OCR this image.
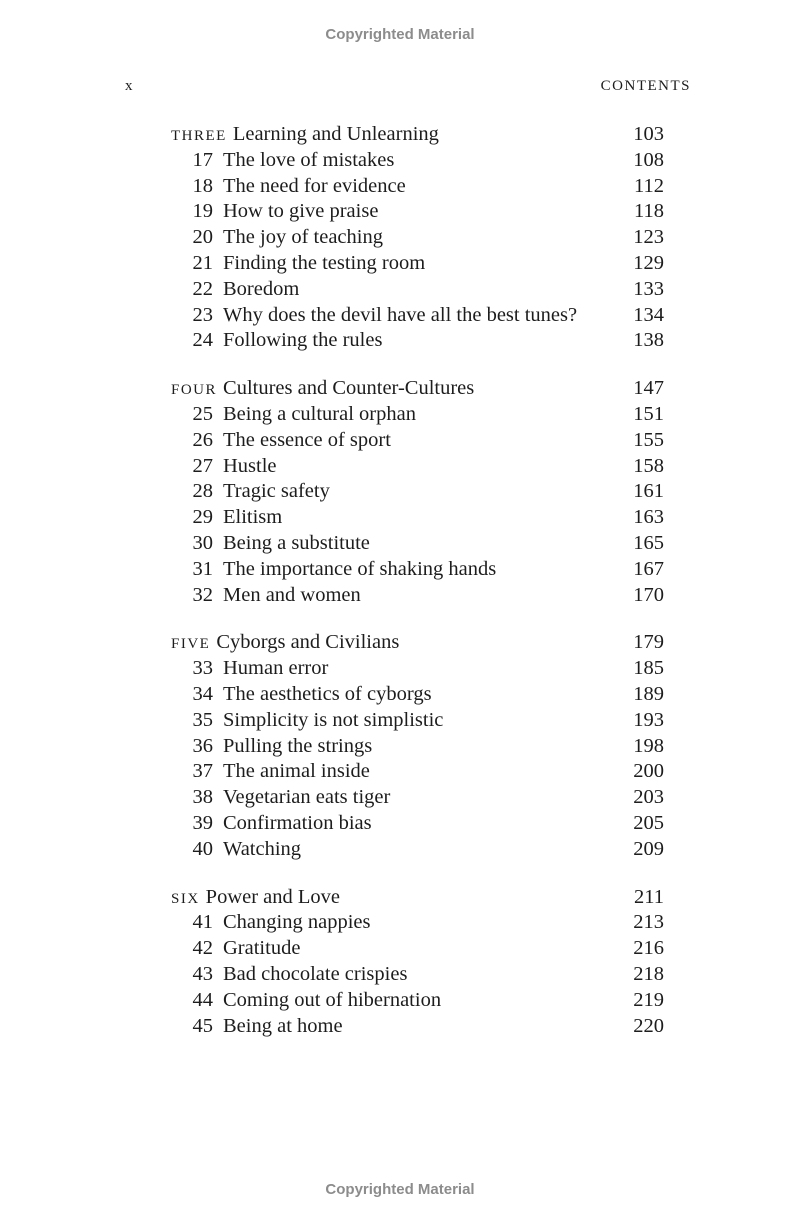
Copyrighted Material
x	CONTENTS
THREE Learning and Unlearning	103
17 The love of mistakes	108
18 The need for evidence	112
19 How to give praise	118
20 The joy of teaching	123
21 Finding the testing room	129
22 Boredom	133
23 Why does the devil have all the best tunes?	134
24 Following the rules	138
FOUR Cultures and Counter-Cultures	147
25 Being a cultural orphan	151
26 The essence of sport	155
27 Hustle	158
28 Tragic safety	161
29 Elitism	163
30 Being a substitute	165
31 The importance of shaking hands	167
32 Men and women	170
FIVE Cyborgs and Civilians	179
33 Human error	185
34 The aesthetics of cyborgs	189
35 Simplicity is not simplistic	193
36 Pulling the strings	198
37 The animal inside	200
38 Vegetarian eats tiger	203
39 Confirmation bias	205
40 Watching	209
SIX Power and Love	211
41 Changing nappies	213
42 Gratitude	216
43 Bad chocolate crispies	218
44 Coming out of hibernation	219
45 Being at home	220
Copyrighted Material
